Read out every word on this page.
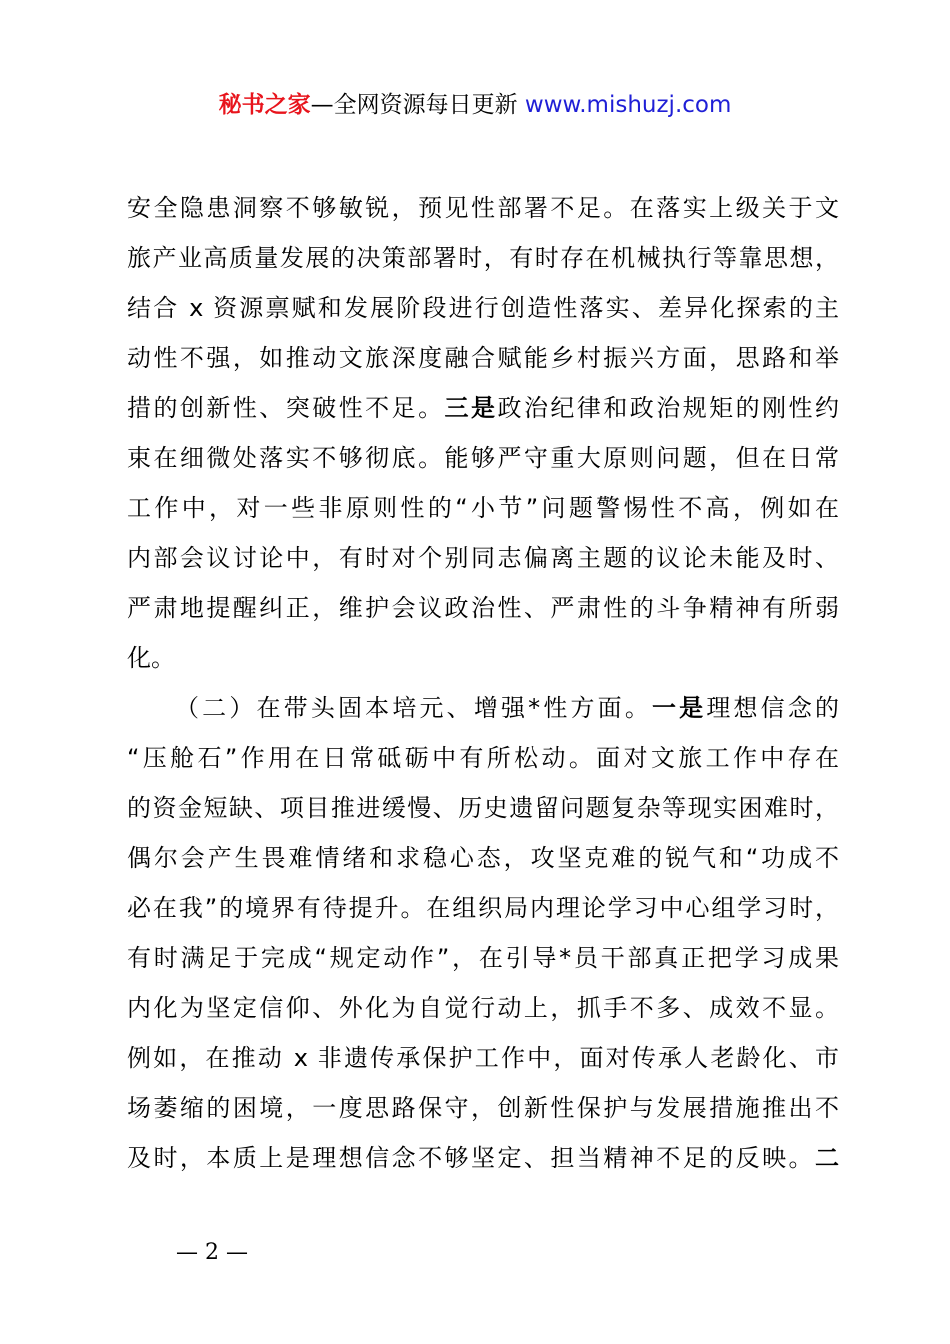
秘书之家—全网资源每日更新 www.mishuzj.com
安全隐患洞察不够敏锐，预见性部署不足。在落实上级关于文
旅产业高质量发展的决策部署时，有时存在机械执行等靠思想，
结合 x 资源禀赋和发展阶段进行创造性落实、差异化探索的主
动性不强，如推动文旅深度融合赋能乡村振兴方面，思路和举
措的创新性、突破性不足。三是政治纪律和政治规矩的刚性约
束在细微处落实不够彻底。能够严守重大原则问题，但在日常
工作中，对一些非原则性的“小节”问题警惕性不高，例如在
内部会议讨论中，有时对个别同志偏离主题的议论未能及时、
严肃地提醒纠正，维护会议政治性、严肃性的斗争精神有所弱
化。
（二）在带头固本培元、增强*性方面。一是理想信念的
“压舱石”作用在日常砥砺中有所松动。面对文旅工作中存在
的资金短缺、项目推进缓慢、历史遗留问题复杂等现实困难时，
偶尔会产生畏难情绪和求稳心态，攻坚克难的锐气和“功成不
必在我”的境界有待提升。在组织局内理论学习中心组学习时，
有时满足于完成“规定动作”，在引导*员干部真正把学习成果
内化为坚定信仰、外化为自觉行动上，抓手不多、成效不显。
例如，在推动 x 非遗传承保护工作中，面对传承人老龄化、市
场萎缩的困境，一度思路保守，创新性保护与发展措施推出不
及时，本质上是理想信念不够坚定、担当精神不足的反映。二
— 2 —
